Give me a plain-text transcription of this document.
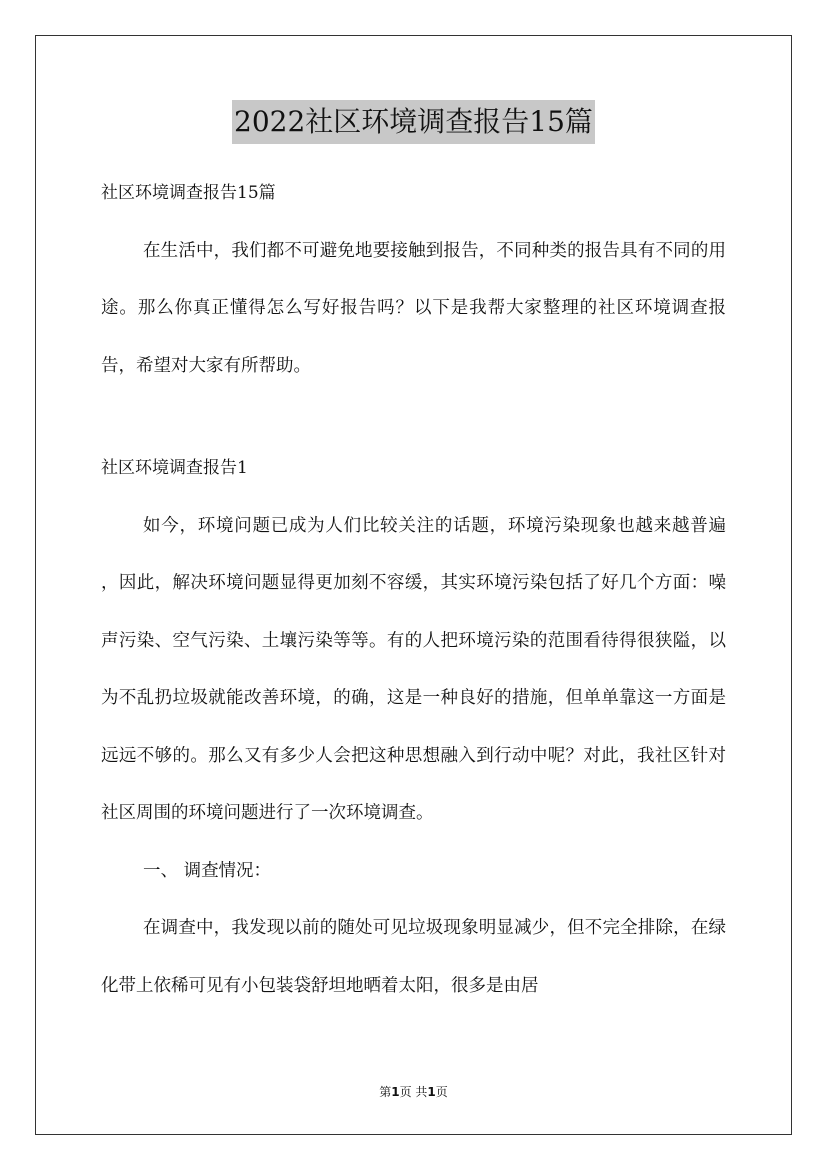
2022社区环境调查报告15篇

社区环境调查报告15篇

在生活中，我们都不可避免地要接触到报告，不同种类的报告具有不同的用途。那么你真正懂得怎么写好报告吗？以下是我帮大家整理的社区环境调查报告，希望对大家有所帮助。

社区环境调查报告1

如今，环境问题已成为人们比较关注的话题，环境污染现象也越来越普遍 ，因此，解决环境问题显得更加刻不容缓，其实环境污染包括了好几个方面：噪声污染、空气污染、土壤污染等等。有的人把环境污染的范围看待得很狭隘，以为不乱扔垃圾就能改善环境，的确，这是一种良好的措施，但单单靠这一方面是远远不够的。那么又有多少人会把这种思想融入到行动中呢？对此，我社区针对社区周围的环境问题进行了一次环境调查。

一、 调查情况：

在调查中，我发现以前的随处可见垃圾现象明显减少，但不完全排除，在绿化带上依稀可见有小包装袋舒坦地晒着太阳，很多是由居

第1页 共1页
